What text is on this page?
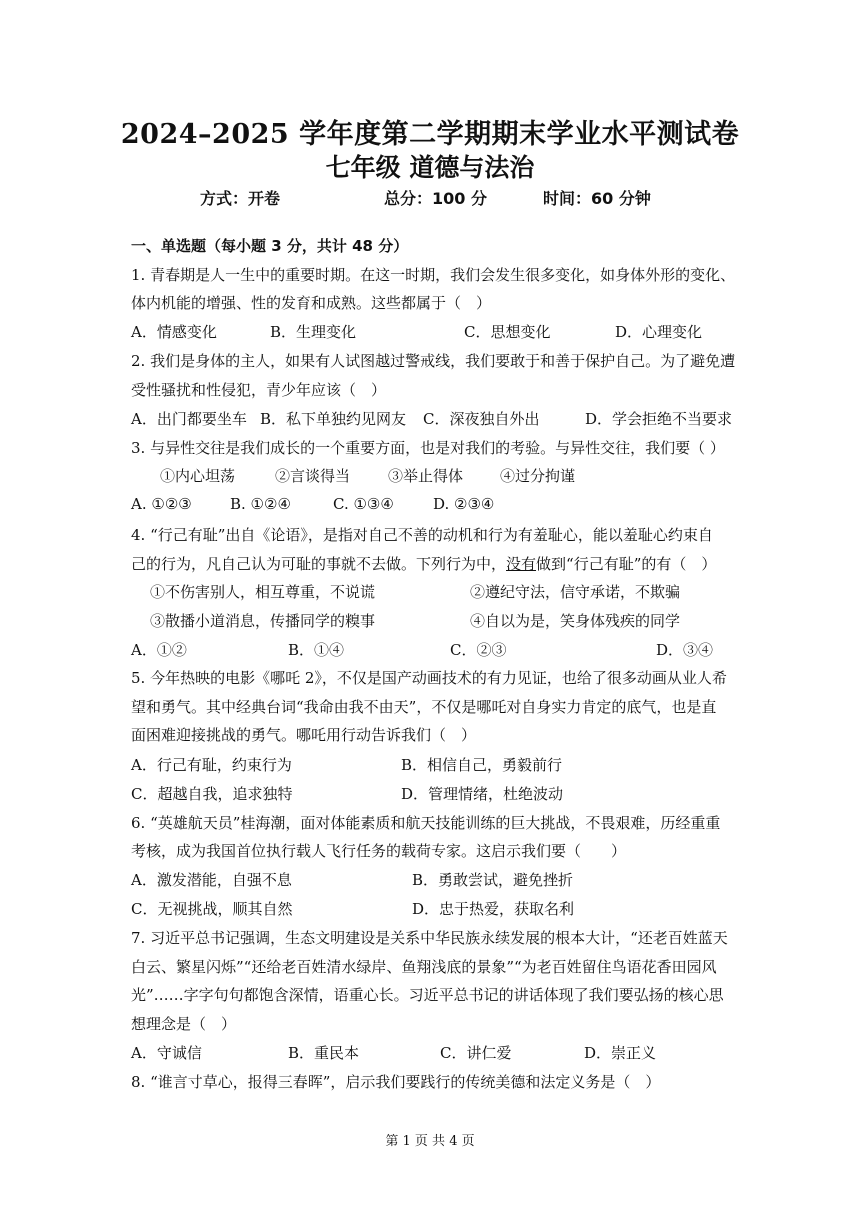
2024–2025 学年度第二学期期末学业水平测试卷
七年级 道德与法治
方式：开卷	总分：100 分	时间：60 分钟
一、单选题（每小题 3 分，共计 48 分）
1. 青春期是人一生中的重要时期。在这一时期，我们会发生很多变化，如身体外形的变化、
体内机能的增强、性的发育和成熟。这些都属于（　）
A．情感变化	B．生理变化	C．思想变化	D．心理变化
2. 我们是身体的主人，如果有人试图越过警戒线，我们要敢于和善于保护自己。为了避免遭
受性骚扰和性侵犯，青少年应该（　）
A．出门都要坐车 B．私下单独约见网友 C．深夜独自外出	D．学会拒绝不当要求
3. 与异性交往是我们成长的一个重要方面，也是对我们的考验。与异性交往，我们要（ ）
①内心坦荡	②言谈得当	③举止得体 ④过分拘谨
A. ①②③	B. ①②④	C. ①③④	D. ②③④
4. “行己有耻”出自《论语》，是指对自己不善的动机和行为有羞耻心，能以羞耻心约束自
己的行为，凡自己认为可耻的事就不去做。下列行为中，没有做到“行己有耻”的有（　）
①不伤害别人，相互尊重，不说谎	②遵纪守法，信守承诺，不欺骗
③散播小道消息，传播同学的糗事	④自以为是，笑身体残疾的同学
A．①②	B．①④	C．②③	D．③④
5. 今年热映的电影《哪吒 2》，不仅是国产动画技术的有力见证，也给了很多动画从业人希
望和勇气。其中经典台词“我命由我不由天”，不仅是哪吒对自身实力肯定的底气，也是直
面困难迎接挑战的勇气。哪吒用行动告诉我们（　）
A．行己有耻，约束行为	B．相信自己，勇毅前行
C．超越自我，追求独特	D．管理情绪，杜绝波动
6. “英雄航天员”桂海潮，面对体能素质和航天技能训练的巨大挑战，不畏艰难，历经重重
考核，成为我国首位执行载人飞行任务的载荷专家。这启示我们要（　　）
A．激发潜能，自强不息	B．勇敢尝试，避免挫折
C．无视挑战，顺其自然	D．忠于热爱，获取名利
7. 习近平总书记强调，生态文明建设是关系中华民族永续发展的根本大计，“还老百姓蓝天
白云、繁星闪烁”“还给老百姓清水绿岸、鱼翔浅底的景象”“为老百姓留住鸟语花香田园风
光”……字字句句都饱含深情，语重心长。习近平总书记的讲话体现了我们要弘扬的核心思
想理念是（　）
A．守诚信	B．重民本	C．讲仁爱	D．崇正义
8. “谁言寸草心，报得三春晖”，启示我们要践行的传统美德和法定义务是（　）
第 1 页 共 4 页
